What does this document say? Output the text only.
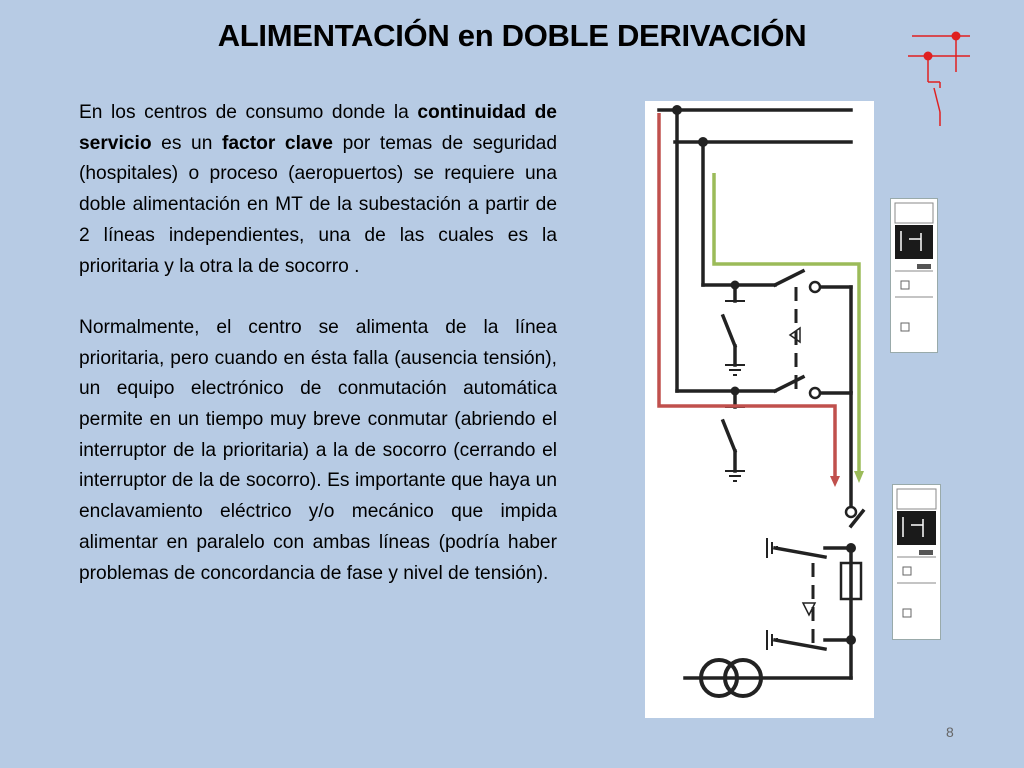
ALIMENTACIÓN en DOBLE DERIVACIÓN

En los centros de consumo donde la continuidad de servicio es un factor clave por temas de seguridad (hospitales) o proceso (aeropuertos) se requiere una doble alimentación en MT de la subestación a partir de 2 líneas independientes, una de las cuales es la prioritaria y la otra la de socorro .

Normalmente, el centro se alimenta de la línea prioritaria, pero cuando en ésta falla (ausencia tensión), un equipo electrónico de conmutación automática permite en un tiempo muy breve conmutar (abriendo el interruptor de la prioritaria) a la de socorro (cerrando el interruptor de la de socorro). Es importante que haya un enclavamiento eléctrico y/o mecánico que impida alimentar en paralelo con ambas líneas (podría haber problemas de concordancia de fase y nivel de tensión).

8
